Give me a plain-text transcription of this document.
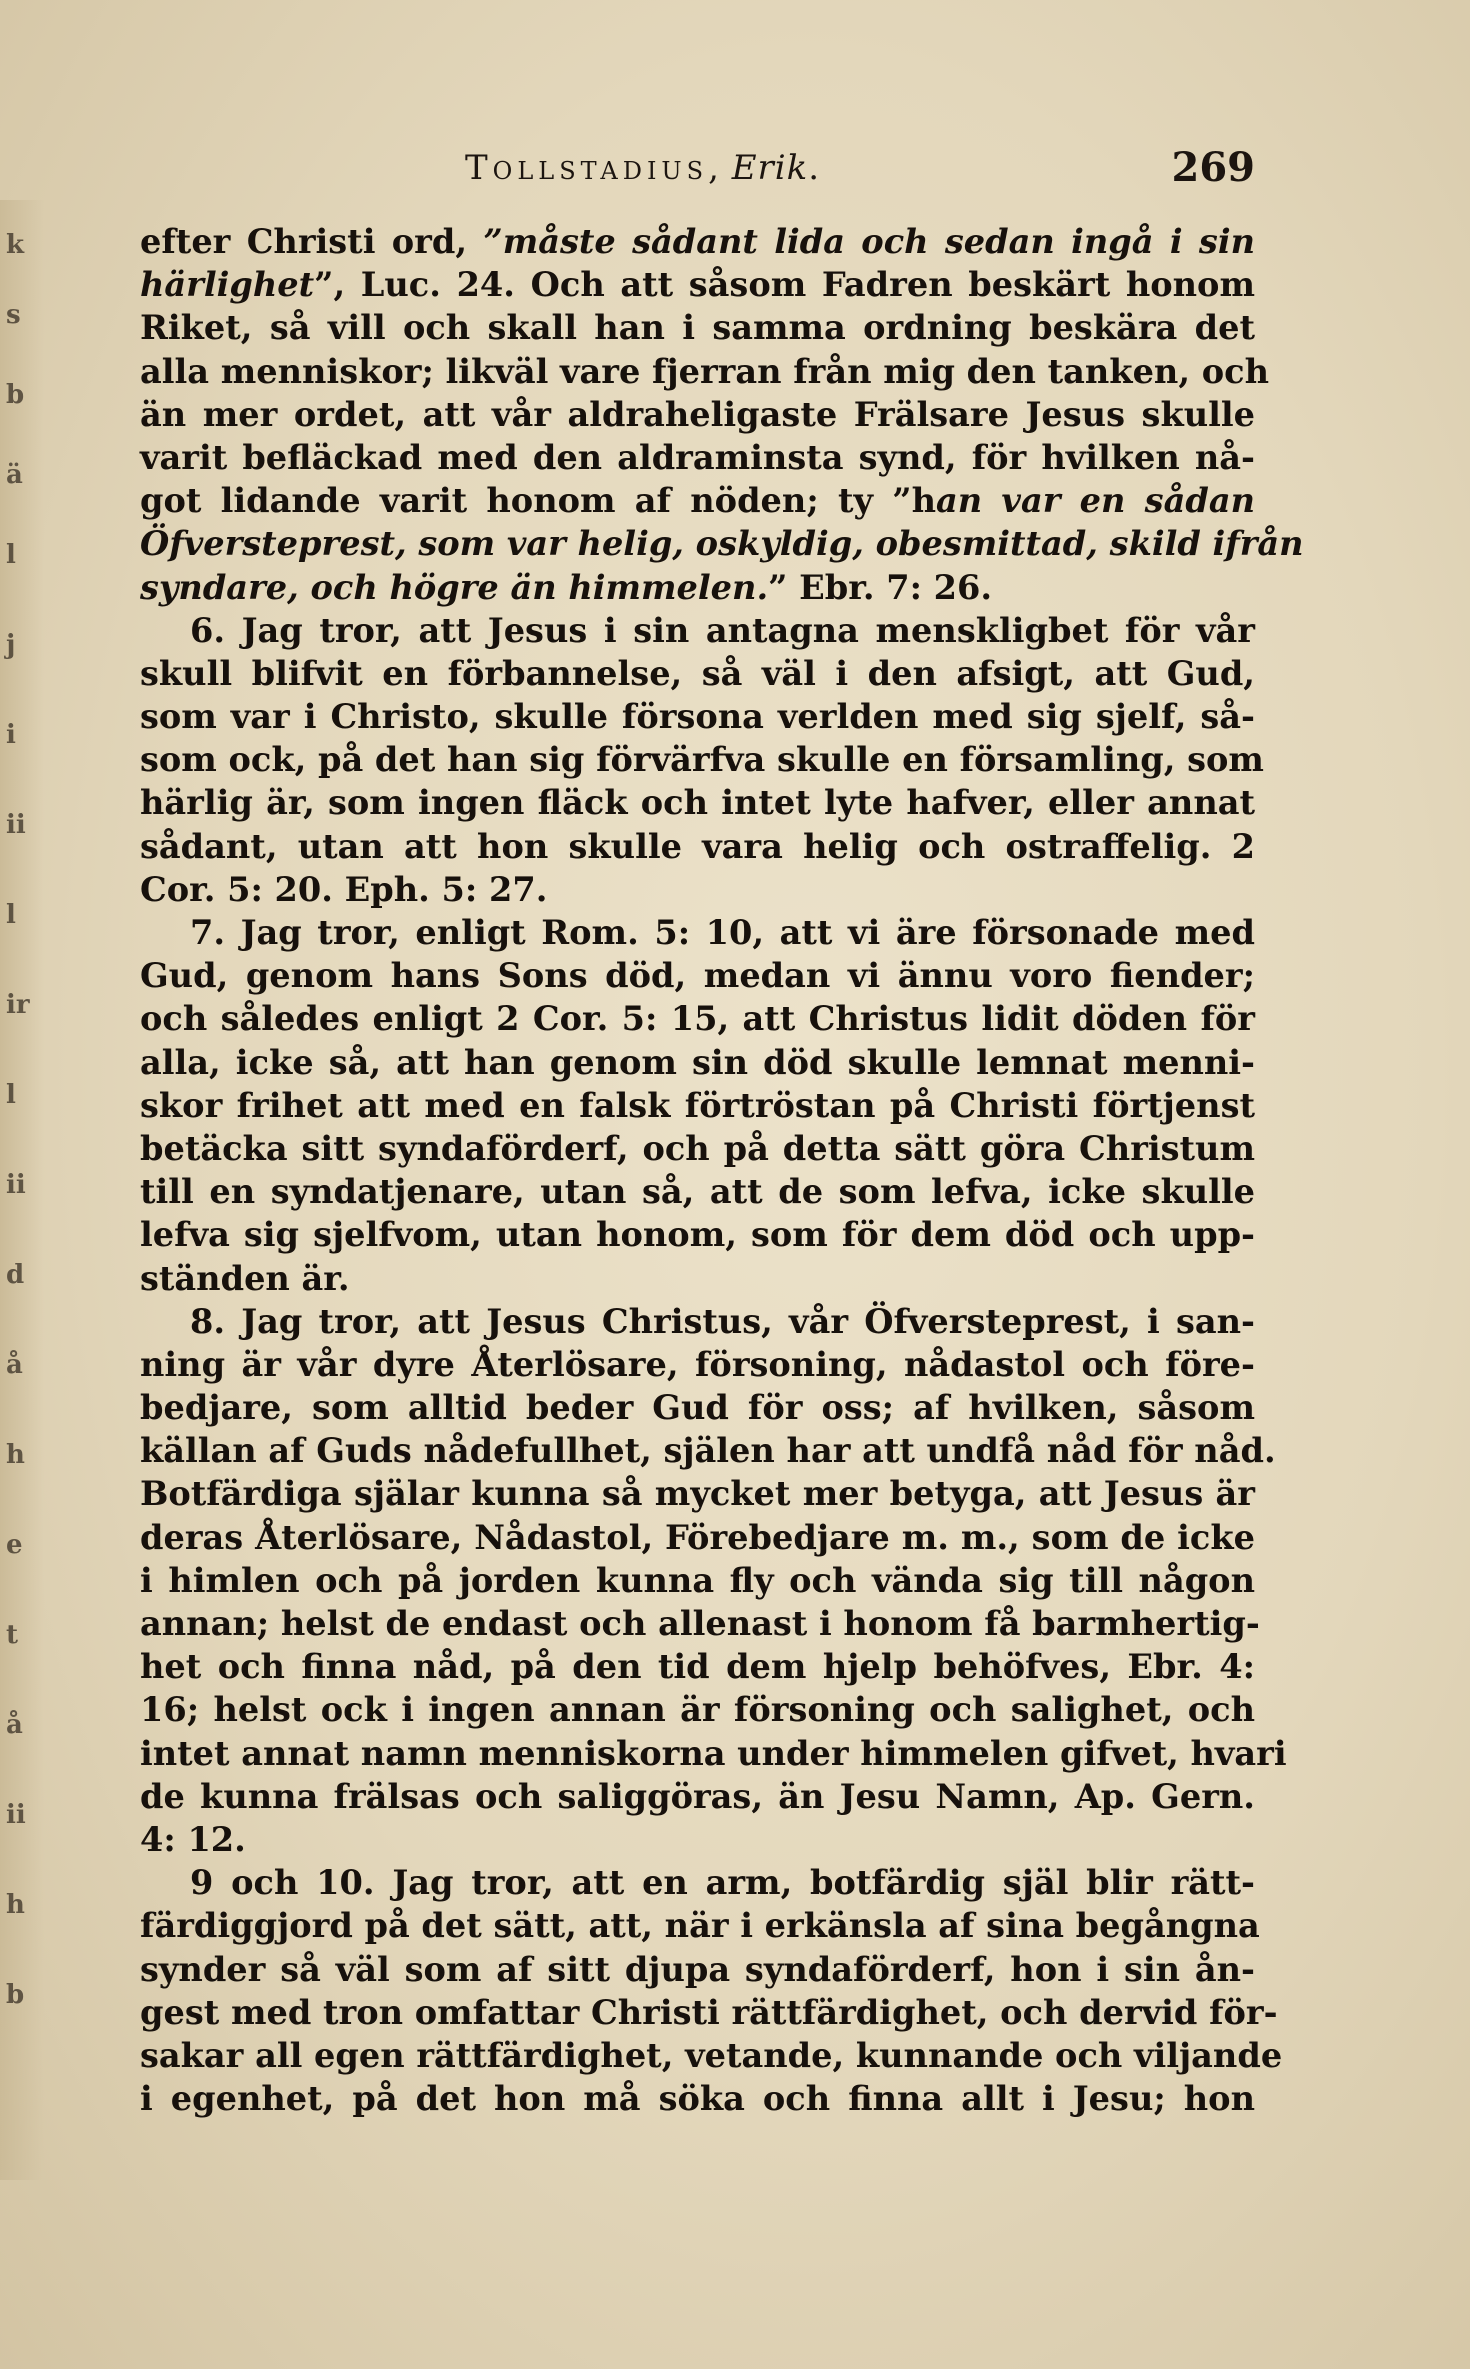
k
s
b
ä
l
j
i
ii
l
ir
l
ii
d
å
h
e
t
å
ii
h
b
Tollstadius, Erik.	269
efter Christi ord, ”måste sådant lida och sedan ingå i sin
härlighet”, Luc. 24. Och att såsom Fadren beskärt honom
Riket, så vill och skall han i samma ordning beskära det
alla menniskor; likväl vare fjerran från mig den tanken, och
än mer ordet, att vår aldraheligaste Frälsare Jesus skulle
varit befläckad med den aldraminsta synd, för hvilken nå-
got lidande varit honom af nöden; ty ”han var en sådan
Öfversteprest, som var helig, oskyldig, obesmittad, skild ifrån
syndare, och högre än himmelen.” Ebr. 7: 26.
6. Jag tror, att Jesus i sin antagna menskligbet för vår
skull blifvit en förbannelse, så väl i den afsigt, att Gud,
som var i Christo, skulle försona verlden med sig sjelf, så-
som ock, på det han sig förvärfva skulle en församling, som
härlig är, som ingen fläck och intet lyte hafver, eller annat
sådant, utan att hon skulle vara helig och ostraffelig. 2
Cor. 5: 20. Eph. 5: 27.
7. Jag tror, enligt Rom. 5: 10, att vi äre försonade med
Gud, genom hans Sons död, medan vi ännu voro fiender;
och således enligt 2 Cor. 5: 15, att Christus lidit döden för
alla, icke så, att han genom sin död skulle lemnat menni-
skor frihet att med en falsk förtröstan på Christi förtjenst
betäcka sitt syndaförderf, och på detta sätt göra Christum
till en syndatjenare, utan så, att de som lefva, icke skulle
lefva sig sjelfvom, utan honom, som för dem död och upp-
ständen är.
8. Jag tror, att Jesus Christus, vår Öfversteprest, i san-
ning är vår dyre Återlösare, försoning, nådastol och före-
bedjare, som alltid beder Gud för oss; af hvilken, såsom
källan af Guds nådefullhet, själen har att undfå nåd för nåd.
Botfärdiga själar kunna så mycket mer betyga, att Jesus är
deras Återlösare, Nådastol, Förebedjare m. m., som de icke
i himlen och på jorden kunna fly och vända sig till någon
annan; helst de endast och allenast i honom få barmhertig-
het och finna nåd, på den tid dem hjelp behöfves, Ebr. 4:
16; helst ock i ingen annan är försoning och salighet, och
intet annat namn menniskorna under himmelen gifvet, hvari
de kunna frälsas och saliggöras, än Jesu Namn, Ap. Gern.
4: 12.
9 och 10. Jag tror, att en arm, botfärdig själ blir rätt-
färdiggjord på det sätt, att, när i erkänsla af sina begångna
synder så väl som af sitt djupa syndaförderf, hon i sin ån-
gest med tron omfattar Christi rättfärdighet, och dervid för-
sakar all egen rättfärdighet, vetande, kunnande och viljande
i egenhet, på det hon må söka och finna allt i Jesu; hon
